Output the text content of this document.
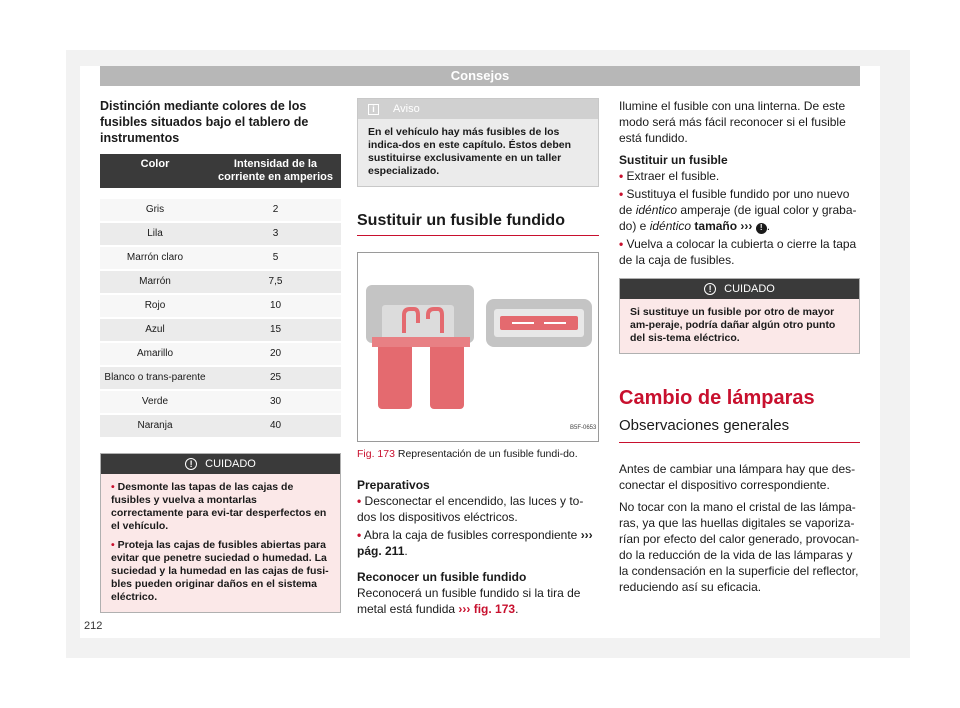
Consejos
Distinción mediante colores de los fusibles situados bajo el tablero de instrumentos
Color	Intensidad de la corriente en amperios

Gris	2
Lila	3
Marrón claro	5
Marrón	7,5
Rojo	10
Azul	15
Amarillo	20
Blanco o trans-parente	25
Verde	30
Naranja	40
!	CUIDADO

• Desmonte las tapas de las cajas de fusibles y vuelva a montarlas correctamente para evi-tar desperfectos en el vehículo.

• Proteja las cajas de fusibles abiertas para evitar que penetre suciedad o humedad. La suciedad y la humedad en las cajas de fusi-bles pueden originar daños en el sistema eléctrico.

i	Aviso
En el vehículo hay más fusibles de los indica-dos en este capítulo. Éstos deben sustituirse exclusivamente en un taller especializado.
Sustituir un fusible fundido
B5F-0653
Fig. 173 Representación de un fusible fundi-do.
Preparativos

• Desconectar el encendido, las luces y to-dos los dispositivos eléctricos.

• Abra la caja de fusibles correspondiente ››› pág. 211.

Reconocer un fusible fundido

Reconocerá un fusible fundido si la tira de metal está fundida ››› fig. 173.

Ilumine el fusible con una linterna. De este modo será más fácil reconocer si el fusible está fundido.

Sustituir un fusible

• Extraer el fusible.

• Sustituya el fusible fundido por uno nuevo de idéntico amperaje (de igual color y graba-do) e idéntico tamaño ››› ! .

• Vuelva a colocar la cubierta o cierre la tapa de la caja de fusibles.

!	CUIDADO
Si sustituye un fusible por otro de mayor am-peraje, podría dañar algún otro punto del sis-tema eléctrico.
Cambio de lámparas
Observaciones generales

Antes de cambiar una lámpara hay que des-conectar el dispositivo correspondiente.

No tocar con la mano el cristal de las lámpa-ras, ya que las huellas digitales se vaporiza-rían por efecto del calor generado, provocan-do la reducción de la vida de las lámparas y la condensación en la superficie del reflector, reduciendo así su eficacia.

212
